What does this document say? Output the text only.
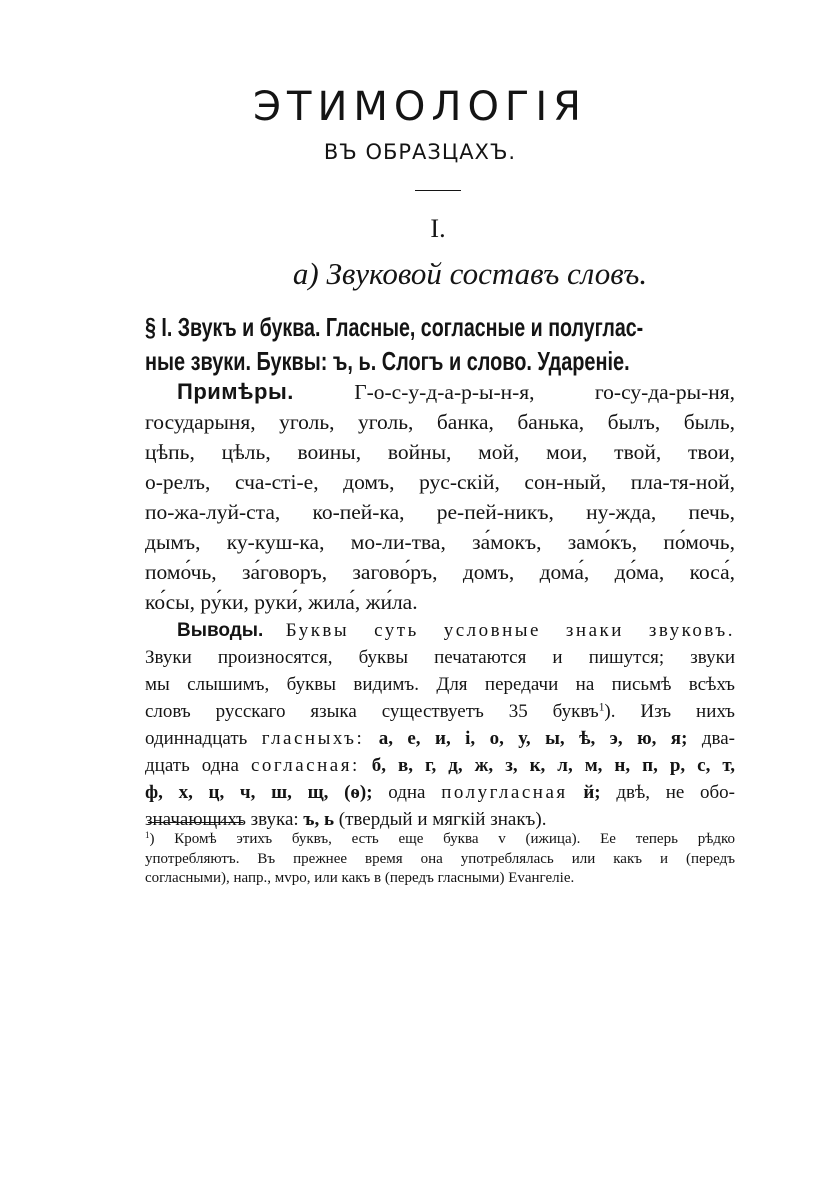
ЭТИМОЛОГІЯ
ВЪ ОБРАЗЦАХЪ.
I.
а) Звуковой составъ словъ.
§ I. Звукъ и буква. Гласные, согласные и полуглас-
ные звуки. Буквы: ъ, ь. Слогъ и слово. Удареніе.
Примѣры.	Г-о-с-у-д-а-р-ы-н-я, го-су-да-ры-ня,
государыня, уголь, уголь, банка, банька, былъ, быль,
цѣпь, цѣль, воины, войны, мой, мои, твой, твои,
о-релъ, сча-сті-е, домъ, рус-скій, сон-ный, пла-тя-ной,
по-жа-луй-ста, ко-пей-ка, ре-пей-никъ, ну-жда, печь,
дымъ, ку-куш-ка, мо-ли-тва, за́мокъ, замо́къ, по́мочь,
помо́чь, за́говоръ, загово́ръ, домъ, дома́, до́ма, коса́,
ко́сы, ру́ки, руки́, жила́, жи́ла.
Выводы. Буквы суть условные знаки звуковъ.
Звуки произносятся, буквы печатаются и пишутся; звуки
мы слышимъ, буквы видимъ. Для передачи на письмѣ всѣхъ
словъ русскаго языка существуетъ 35 буквъ$^1$). Изъ нихъ
одиннадцать гласныхъ: а, е, и, і, о, у, ы, ѣ, э, ю, я; два-
дцать одна согласная: б, в, г, д, ж, з, к, л, м, н, п, р, с, т,
ф, х, ц, ч, ш, щ, (ѳ); одна полугласная й; двѣ, не обо-
значающихъ звука: ъ, ь (твердый и мягкій знакъ).
$^1$) Кромѣ этихъ буквъ, есть еще буква v (ижица). Ее теперь рѣдко
употребляютъ. Въ прежнее время она употреблялась или какъ и (передъ
согласными), напр., мvро, или какъ в (передъ гласными) Еvангеліе.
